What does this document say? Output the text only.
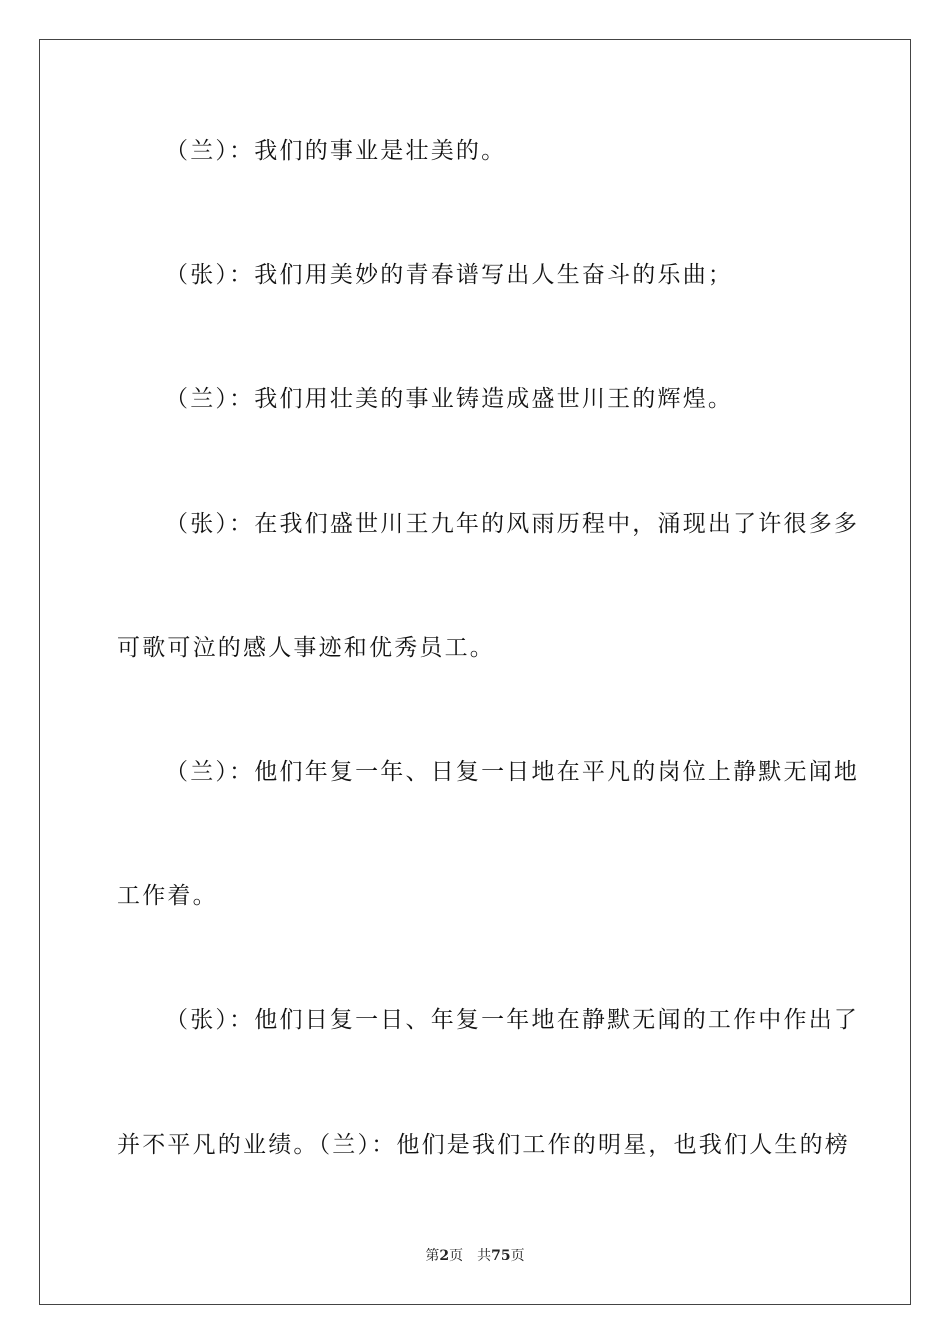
（兰）：我们的事业是壮美的。
（张）：我们用美妙的青春谱写出人生奋斗的乐曲；
（兰）：我们用壮美的事业铸造成盛世川王的辉煌。
（张）：在我们盛世川王九年的风雨历程中，涌现出了许很多多
可歌可泣的感人事迹和优秀员工。
（兰）：他们年复一年、日复一日地在平凡的岗位上静默无闻地
工作着。
（张）：他们日复一日、年复一年地在静默无闻的工作中作出了
并不平凡的业绩。（兰）：他们是我们工作的明星，也我们人生的榜
第2页 共75页
